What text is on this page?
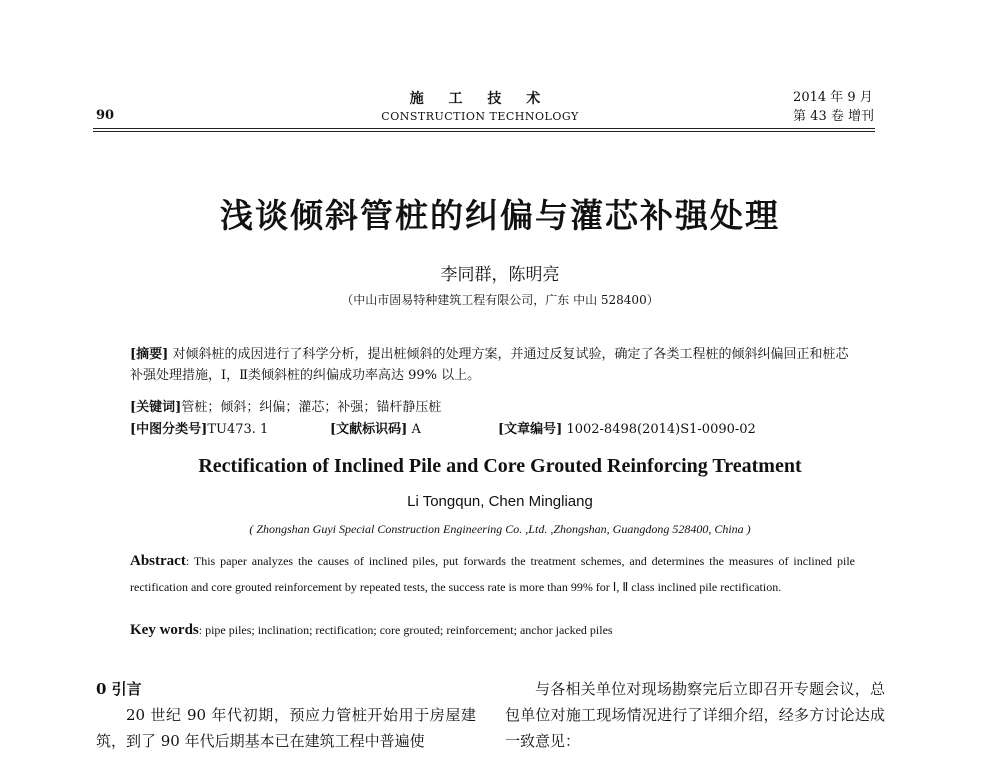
90
施 工 技 术
CONSTRUCTION TECHNOLOGY
2014 年 9 月
第 43 卷 增刊
浅谈倾斜管桩的纠偏与灌芯补强处理
李同群，陈明亮
（中山市固易特种建筑工程有限公司，广东 中山 528400）
[摘要] 对倾斜桩的成因进行了科学分析，提出桩倾斜的处理方案，并通过反复试验，确定了各类工程桩的倾斜纠偏回正和桩芯补强处理措施，Ⅰ，Ⅱ类倾斜桩的纠偏成功率高达 99% 以上。
[关键词]管桩；倾斜；纠偏；灌芯；补强；锚杆静压桩
[中图分类号]TU473. 1	[文献标识码] A	[文章编号] 1002-8498(2014)S1-0090-02
Rectification of Inclined Pile and Core Grouted Reinforcing Treatment
Li Tongqun, Chen Mingliang
( Zhongshan Guyi Special Construction Engineering Co. ,Ltd. ,Zhongshan, Guangdong 528400, China )
Abstract: This paper analyzes the causes of inclined piles, put forwards the treatment schemes, and determines the measures of inclined pile rectification and core grouted reinforcement by repeated tests, the success rate is more than 99% for Ⅰ, Ⅱ class inclined pile rectification.
Key words: pipe piles; inclination; rectification; core grouted; reinforcement; anchor jacked piles
0 引言
20 世纪 90 年代初期，预应力管桩开始用于房屋建筑，到了 90 年代后期基本已在建筑工程中普遍使
与各相关单位对现场勘察完后立即召开专题会议，总包单位对施工现场情况进行了详细介绍，经多方讨论达成一致意见：
